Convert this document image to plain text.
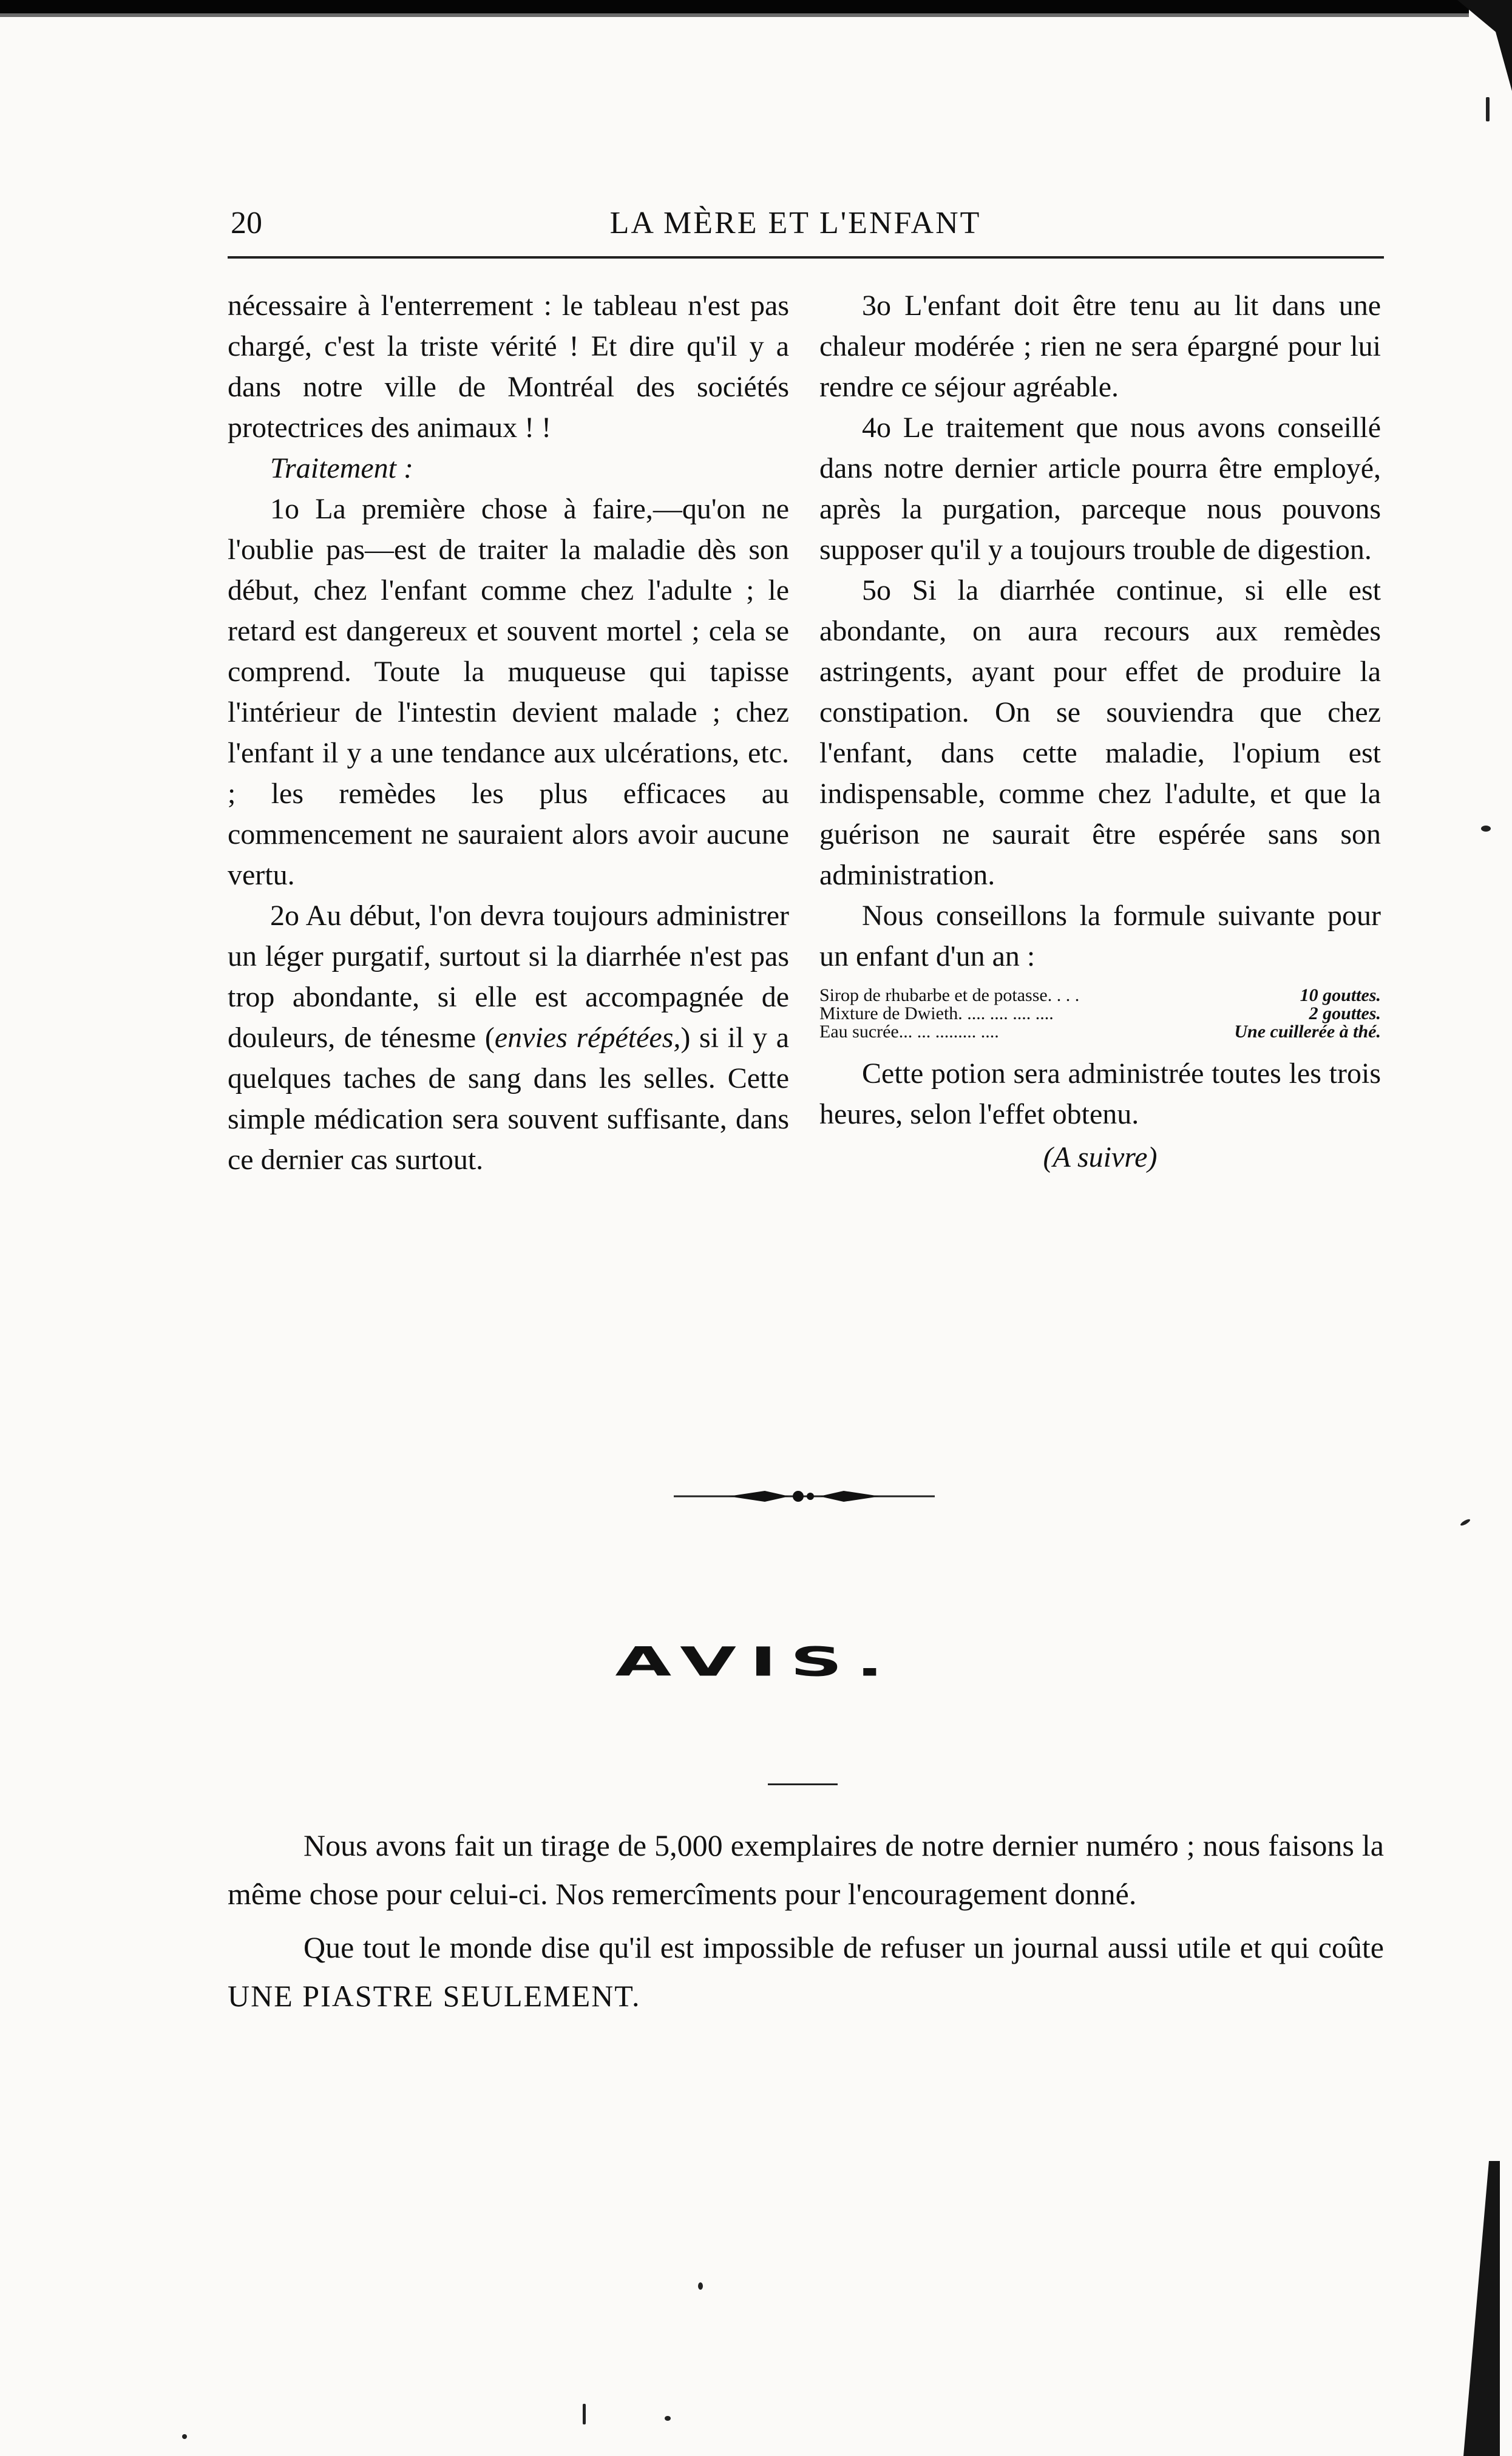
20	LA MÈRE ET L'ENFANT

nécessaire à l'enterrement : le tableau n'est pas chargé, c'est la triste vérité ! Et dire qu'il y a dans notre ville de Montréal des sociétés protectrices des animaux ! !

Traitement :

1o La première chose à faire,—qu'on ne l'oublie pas—est de traiter la maladie dès son début, chez l'enfant comme chez l'adulte ; le retard est dangereux et souvent mortel ; cela se comprend. Toute la muqueuse qui tapisse l'intérieur de l'intestin devient malade ; chez l'enfant il y a une tendance aux ulcérations, etc. ; les remèdes les plus efficaces au commencement ne sauraient alors avoir aucune vertu.

2o Au début, l'on devra toujours administrer un léger purgatif, surtout si la diarrhée n'est pas trop abondante, si elle est accompagnée de douleurs, de ténesme (envies répétées,) si il y a quelques taches de sang dans les selles. Cette simple médication sera souvent suffisante, dans ce dernier cas surtout.

3o L'enfant doit être tenu au lit dans une chaleur modérée ; rien ne sera épargné pour lui rendre ce séjour agréable.

4o Le traitement que nous avons conseillé dans notre dernier article pourra être employé, après la purgation, parceque nous pouvons supposer qu'il y a toujours trouble de digestion.

5o Si la diarrhée continue, si elle est abondante, on aura recours aux remèdes astringents, ayant pour effet de produire la constipation. On se souviendra que chez l'enfant, dans cette maladie, l'opium est indispensable, comme chez l'adulte, et que la guérison ne saurait être espérée sans son administration.

Nous conseillons la formule suivante pour un enfant d'un an :

Sirop de rhubarbe et de potasse. . . .	10 gouttes.
Mixture de Dwieth. .... .... .... ....	2 gouttes.
Eau sucrée... ... ......... ....	Une cuillerée à thé.

Cette potion sera administrée toutes les trois heures, selon l'effet obtenu.

(A suivre)
AVIS.

Nous avons fait un tirage de 5,000 exemplaires de notre dernier numéro ; nous faisons la même chose pour celui-ci. Nos remercîments pour l'encouragement donné.

Que tout le monde dise qu'il est impossible de refuser un journal aussi utile et qui coûte UNE PIASTRE SEULEMENT.
